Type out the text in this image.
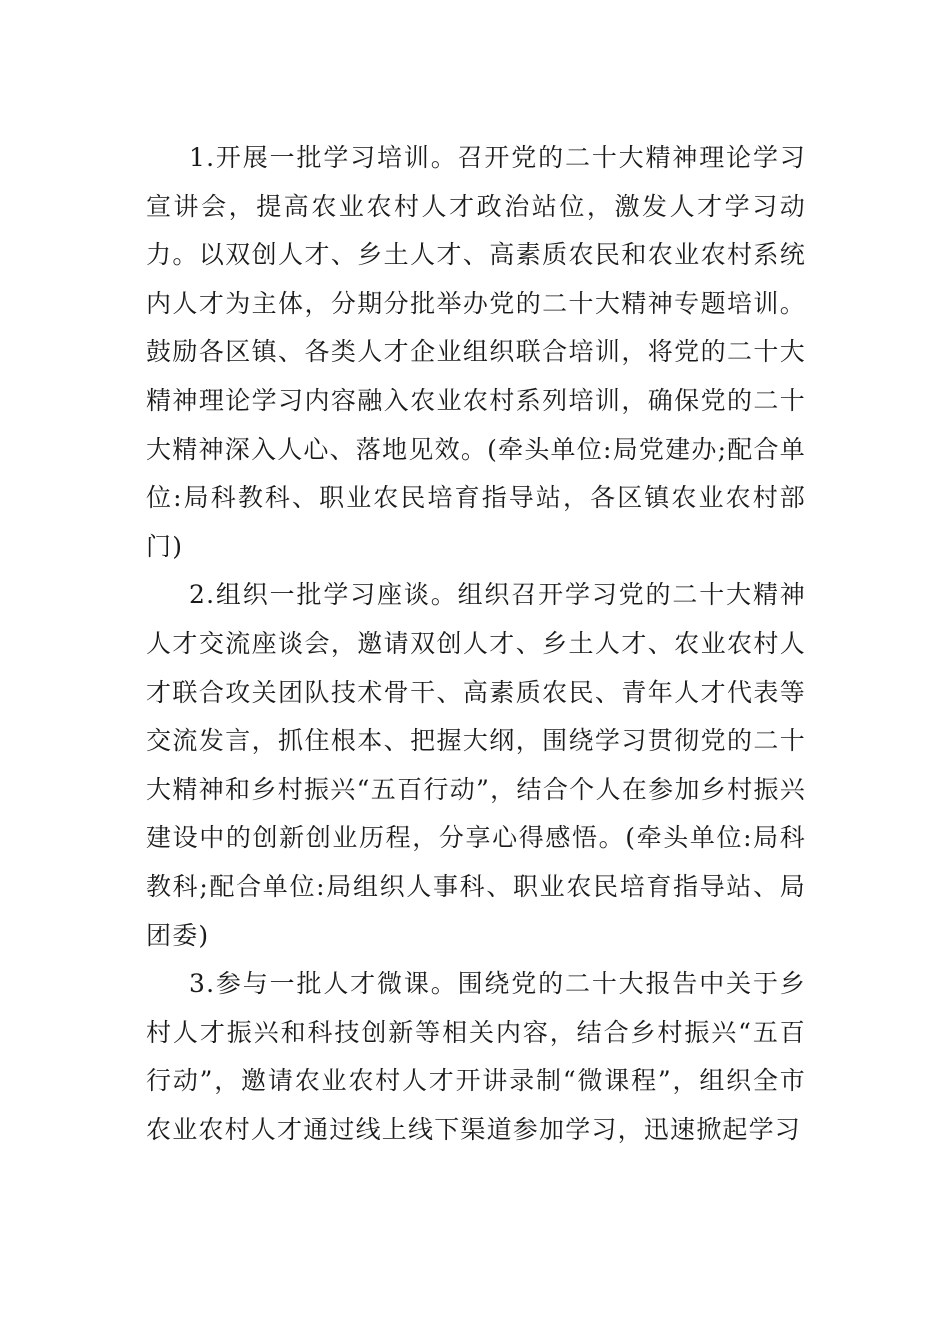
1.开展一批学习培训。召开党的二十大精神理论学习宣讲会，提高农业农村人才政治站位，激发人才学习动力。以双创人才、乡土人才、高素质农民和农业农村系统内人才为主体，分期分批举办党的二十大精神专题培训。鼓励各区镇、各类人才企业组织联合培训，将党的二十大精神理论学习内容融入农业农村系列培训，确保党的二十大精神深入人心、落地见效。(牵头单位:局党建办;配合单位:局科教科、职业农民培育指导站，各区镇农业农村部门)

2.组织一批学习座谈。组织召开学习党的二十大精神人才交流座谈会，邀请双创人才、乡土人才、农业农村人才联合攻关团队技术骨干、高素质农民、青年人才代表等交流发言，抓住根本、把握大纲，围绕学习贯彻党的二十大精神和乡村振兴“五百行动”，结合个人在参加乡村振兴建设中的创新创业历程，分享心得感悟。(牵头单位:局科教科;配合单位:局组织人事科、职业农民培育指导站、局团委)

3.参与一批人才微课。围绕党的二十大报告中关于乡村人才振兴和科技创新等相关内容，结合乡村振兴“五百行动”，邀请农业农村人才开讲录制“微课程”，组织全市农业农村人才通过线上线下渠道参加学习，迅速掀起学习
